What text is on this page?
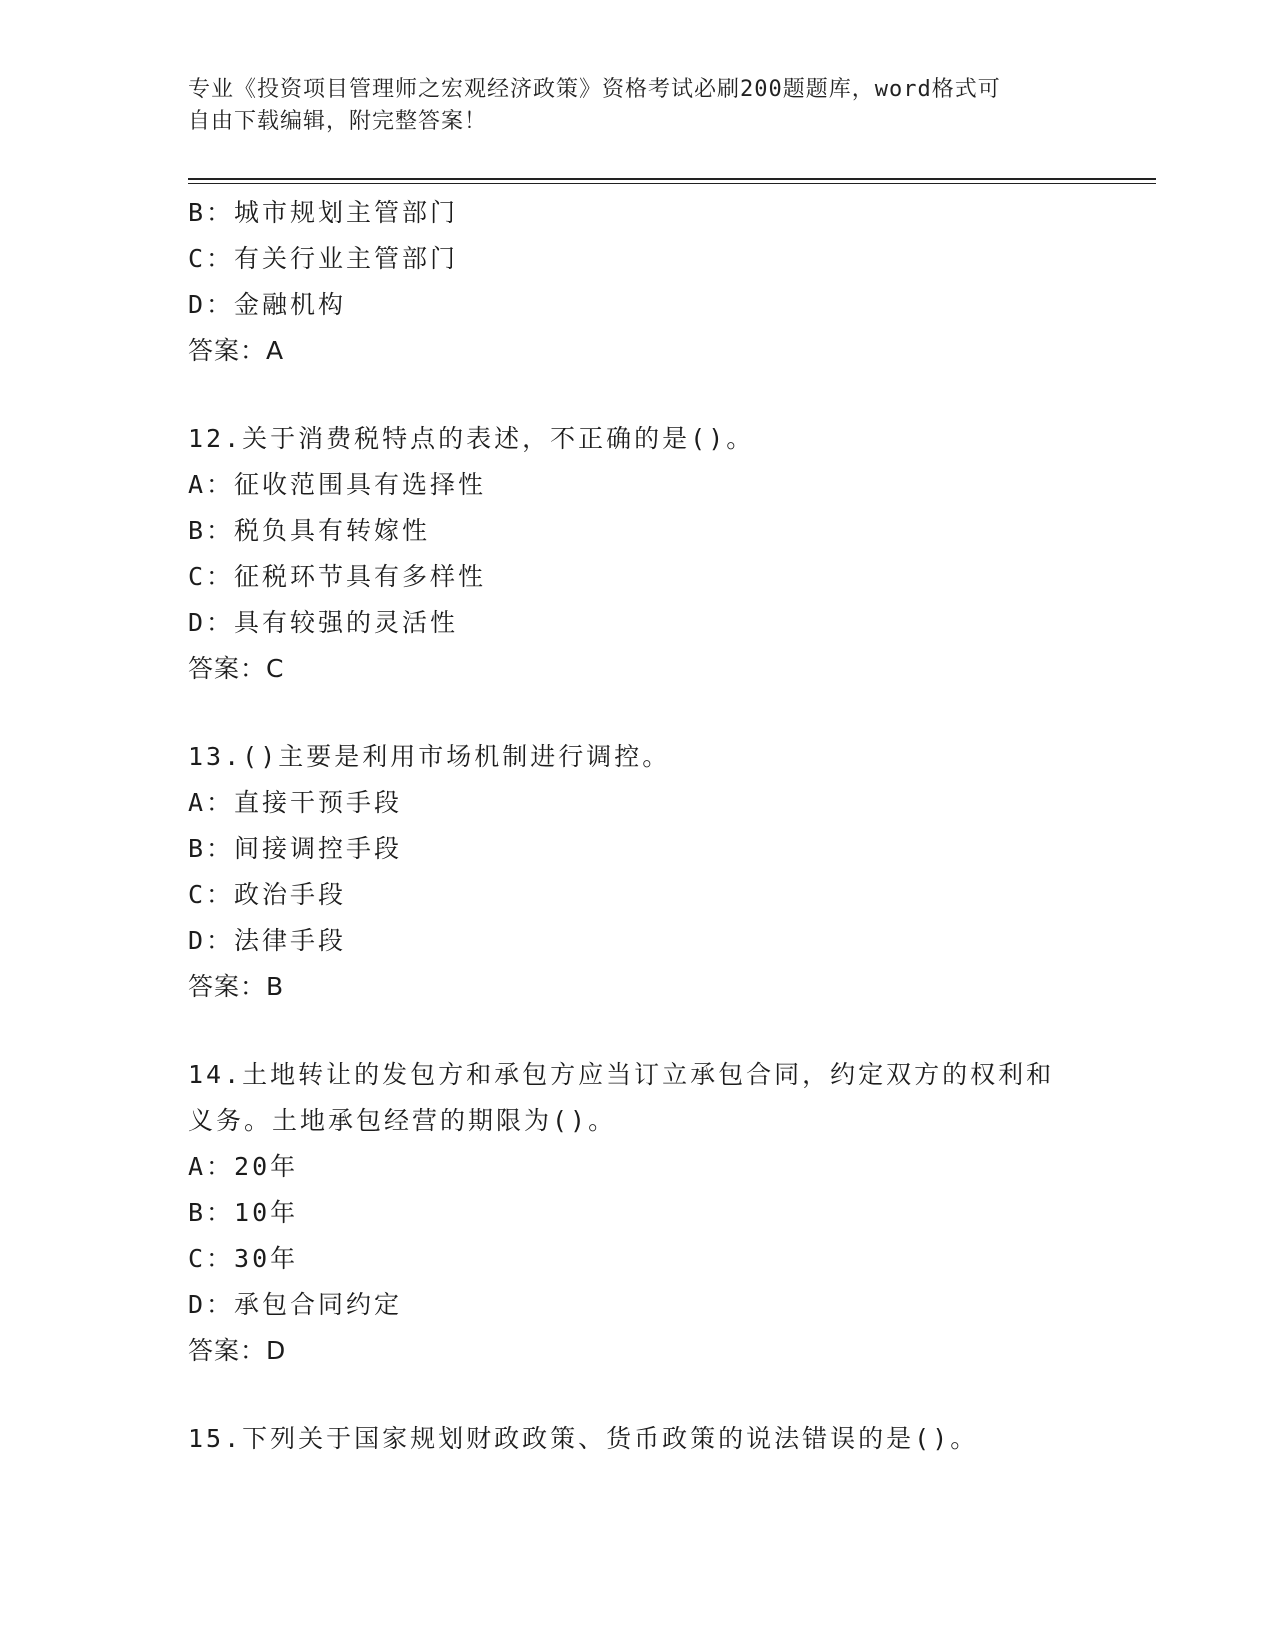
专业《投资项目管理师之宏观经济政策》资格考试必刷200题题库，word格式可
自由下载编辑，附完整答案！
B：城市规划主管部门
C：有关行业主管部门
D：金融机构
答案：A
12.关于消费税特点的表述，不正确的是()。
A：征收范围具有选择性
B：税负具有转嫁性
C：征税环节具有多样性
D：具有较强的灵活性
答案：C
13.()主要是利用市场机制进行调控。
A：直接干预手段
B：间接调控手段
C：政治手段
D：法律手段
答案：B
14.土地转让的发包方和承包方应当订立承包合同，约定双方的权利和
义务。土地承包经营的期限为()。
A：20年
B：10年
C：30年
D：承包合同约定
答案：D
15.下列关于国家规划财政政策、货币政策的说法错误的是()。
